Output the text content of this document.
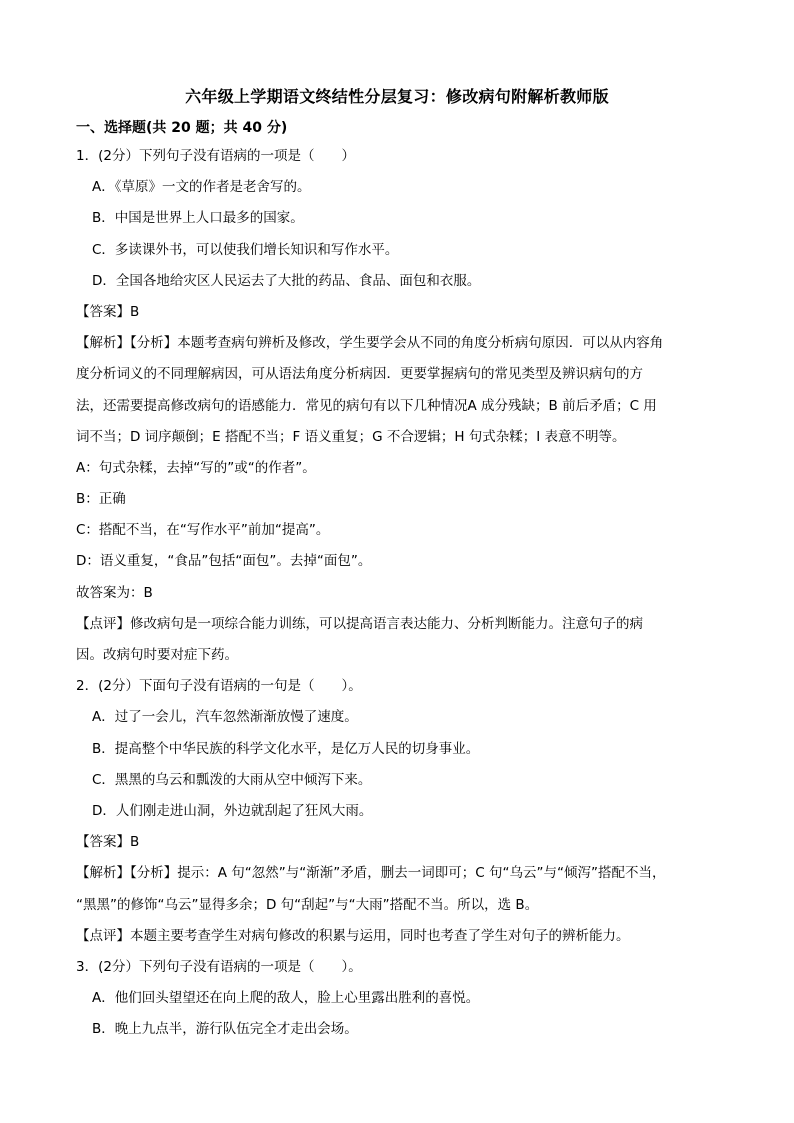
六年级上学期语文终结性分层复习：修改病句附解析教师版
一、选择题(共 20 题；共 40 分)
1．(2分）下列句子没有语病的一项是（　　）
A．《草原》一文的作者是老舍写的。
B．中国是世界上人口最多的国家。
C．多读课外书，可以使我们增长知识和写作水平。
D．全国各地给灾区人民运去了大批的药品、食品、面包和衣服。
【答案】B
【解析】【分析】本题考查病句辨析及修改，学生要学会从不同的角度分析病句原因．可以从内容角
度分析词义的不同理解病因，可从语法角度分析病因．更要掌握病句的常见类型及辨识病句的方
法，还需要提高修改病句的语感能力．常见的病句有以下几种情况A 成分残缺；B 前后矛盾；C 用
词不当；D 词序颠倒；E 搭配不当；F 语义重复；G 不合逻辑；H 句式杂糅；I 表意不明等。
A：句式杂糅，去掉“写的”或“的作者”。
B：正确
C：搭配不当，在“写作水平”前加“提高”。
D：语义重复，“食品”包括“面包”。去掉“面包”。
故答案为：B
【点评】修改病句是一项综合能力训练，可以提高语言表达能力、分析判断能力。注意句子的病
因。改病句时要对症下药。
2．(2分）下面句子没有语病的一句是（　　）。
A．过了一会儿，汽车忽然渐渐放慢了速度。
B．提高整个中华民族的科学文化水平，是亿万人民的切身事业。
C．黑黑的乌云和瓢泼的大雨从空中倾泻下来。
D．人们刚走进山洞，外边就刮起了狂风大雨。
【答案】B
【解析】【分析】提示：A 句“忽然”与“渐渐”矛盾，删去一词即可；C 句“乌云”与“倾泻”搭配不当，
“黑黑”的修饰“乌云”显得多余；D 句“刮起”与“大雨”搭配不当。所以，选 B。
【点评】本题主要考查学生对病句修改的积累与运用，同时也考查了学生对句子的辨析能力。
3．(2分）下列句子没有语病的一项是（　　）。
A．他们回头望望还在向上爬的敌人，脸上心里露出胜利的喜悦。
B．晚上九点半，游行队伍完全才走出会场。
